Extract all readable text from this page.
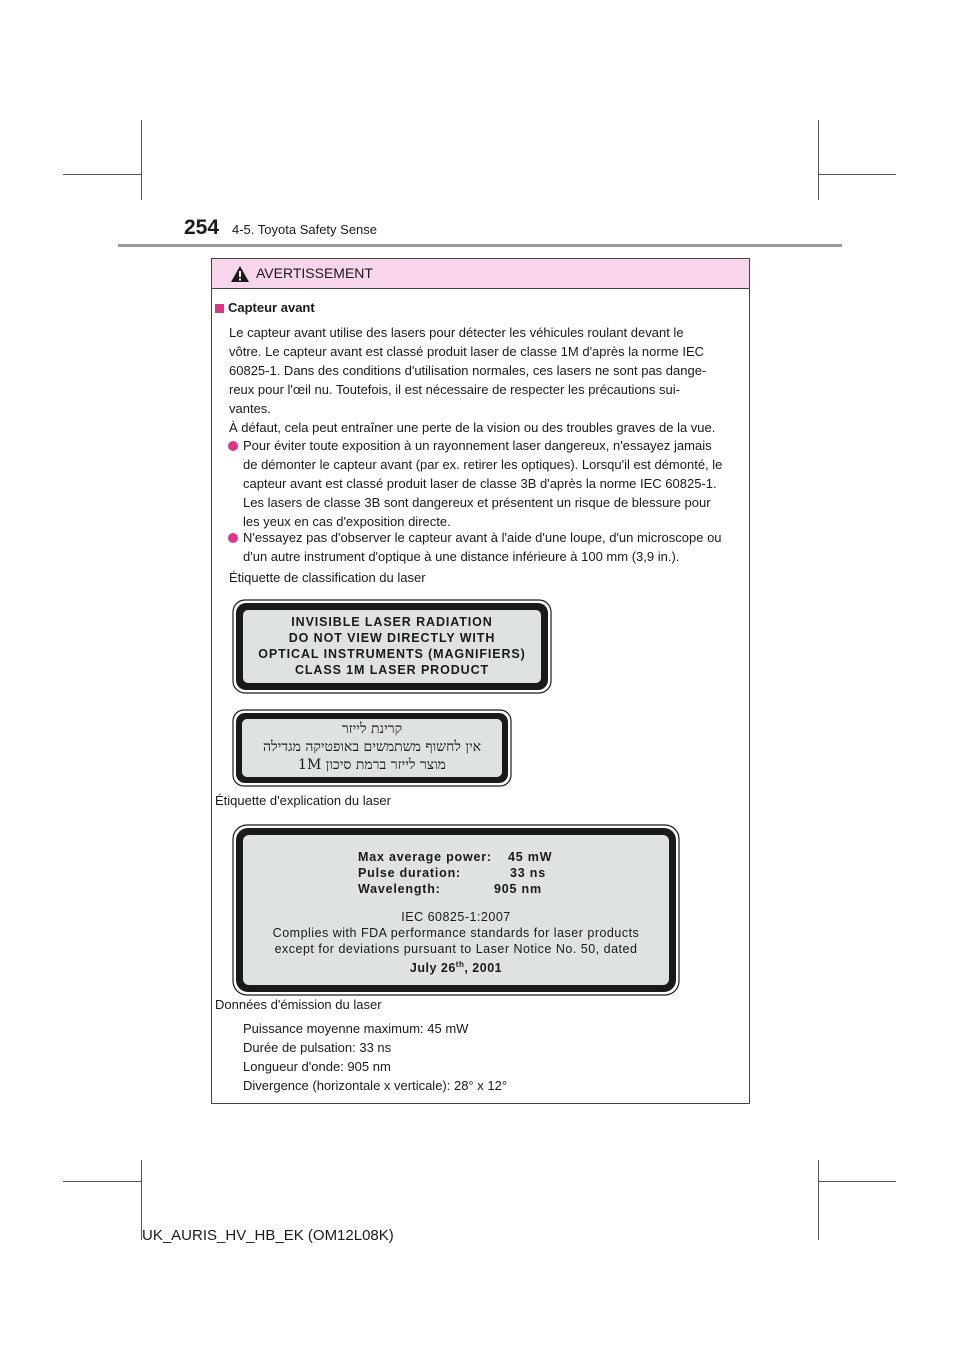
254 4-5. Toyota Safety Sense
AVERTISSEMENT
Capteur avant
Le capteur avant utilise des lasers pour détecter les véhicules roulant devant le
vôtre. Le capteur avant est classé produit laser de classe 1M d'après la norme IEC
60825-1. Dans des conditions d'utilisation normales, ces lasers ne sont pas dange-
reux pour l'œil nu. Toutefois, il est nécessaire de respecter les précautions sui-
vantes.
À défaut, cela peut entraîner une perte de la vision ou des troubles graves de la vue.
Pour éviter toute exposition à un rayonnement laser dangereux, n'essayez jamais
de démonter le capteur avant (par ex. retirer les optiques). Lorsqu'il est démonté, le
capteur avant est classé produit laser de classe 3B d'après la norme IEC 60825-1.
Les lasers de classe 3B sont dangereux et présentent un risque de blessure pour
les yeux en cas d'exposition directe.
N'essayez pas d'observer le capteur avant à l'aide d'une loupe, d'un microscope ou
d'un autre instrument d'optique à une distance inférieure à 100 mm (3,9 in.).
Étiquette de classification du laser
INVISIBLE LASER RADIATION
DO NOT VIEW DIRECTLY WITH
OPTICAL INSTRUMENTS (MAGNIFIERS)
CLASS 1M LASER PRODUCT
קרינת לייזר
אין לחשוף משתמשים באופטיקה מגדילה
מוצר לייזר ברמת סיכון 1M
Étiquette d'explication du laser
Max average power: 45 mW
Pulse duration:	33 ns
Wavelength:	905 nm
IEC 60825-1:2007
Complies with FDA performance standards for laser products
except for deviations pursuant to Laser Notice No. 50, dated
July 26th, 2001
Données d'émission du laser
Puissance moyenne maximum: 45 mW
Durée de pulsation: 33 ns
Longueur d'onde: 905 nm
Divergence (horizontale x verticale): 28° x 12°
UK_AURIS_HV_HB_EK (OM12L08K)
